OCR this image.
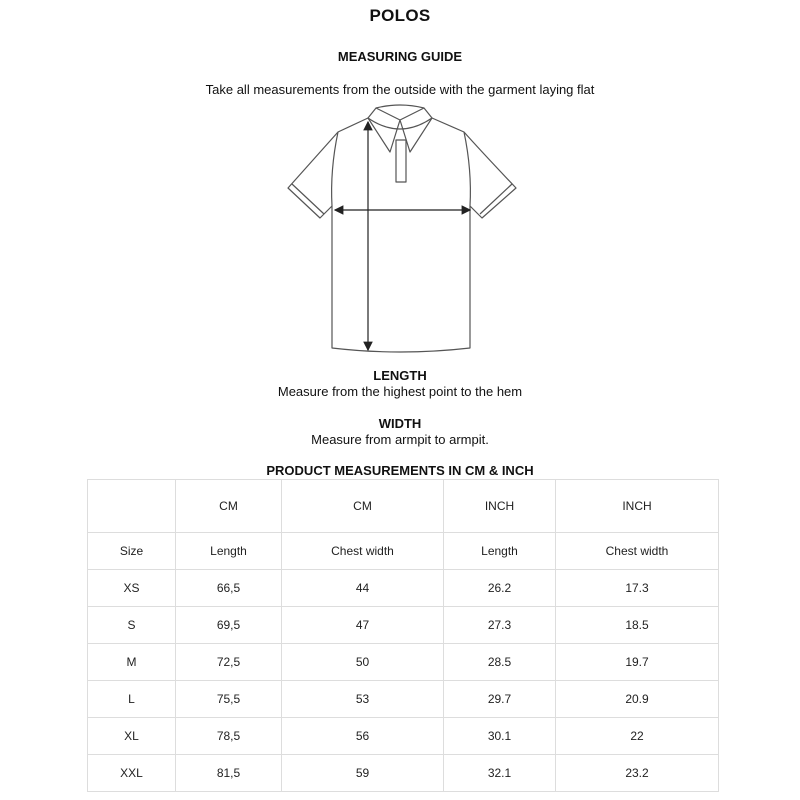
POLOS
MEASURING GUIDE
Take all measurements from the outside with the garment laying flat
LENGTH
Measure from the highest point to the hem
WIDTH
Measure from armpit to armpit.
PRODUCT MEASUREMENTS IN CM & INCH
	CM	CM	INCH	INCH
Size	Length	Chest width	Length	Chest width
XS	66,5	44	26.2	17.3
S	69,5	47	27.3	18.5
M	72,5	50	28.5	19.7
L	75,5	53	29.7	20.9
XL	78,5	56	30.1	22
XXL	81,5	59	32.1	23.2
